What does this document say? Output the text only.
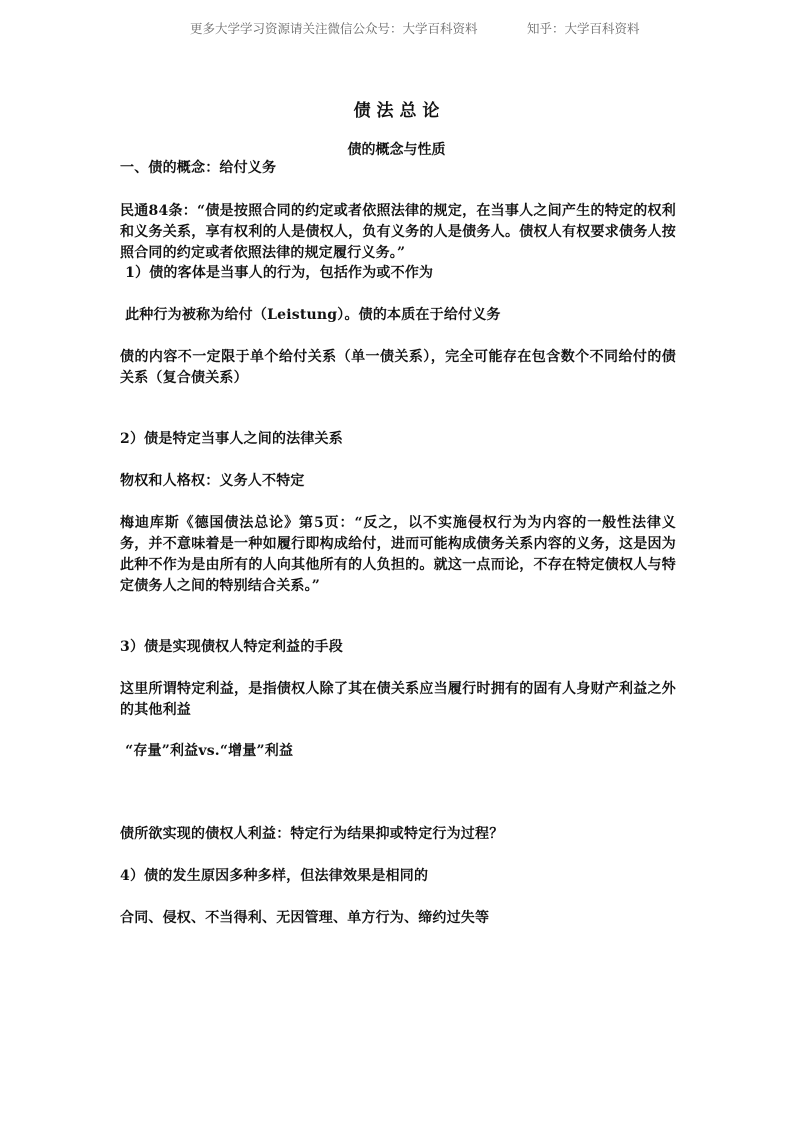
更多大学学习资源请关注微信公众号：大学百科资料	知乎：大学百科资料
债 法 总 论
债的概念与性质
一、债的概念：给付义务
民通84条：“债是按照合同的约定或者依照法律的规定，在当事人之间产生的特定的权利和义务关系，享有权利的人是债权人，负有义务的人是债务人。债权人有权要求债务人按照合同的约定或者依照法律的规定履行义务。”
1）债的客体是当事人的行为，包括作为或不作为
此种行为被称为给付（Leistung）。债的本质在于给付义务
债的内容不一定限于单个给付关系（单一债关系），完全可能存在包含数个不同给付的债关系（复合债关系）
2）债是特定当事人之间的法律关系
物权和人格权：义务人不特定
梅迪库斯《德国债法总论》第5页：“反之，以不实施侵权行为为内容的一般性法律义务，并不意味着是一种如履行即构成给付，进而可能构成债务关系内容的义务，这是因为此种不作为是由所有的人向其他所有的人负担的。就这一点而论，不存在特定债权人与特定债务人之间的特别结合关系。”
3）债是实现债权人特定利益的手段
这里所谓特定利益，是指债权人除了其在债关系应当履行时拥有的固有人身财产利益之外的其他利益
“存量”利益vs.“增量”利益
债所欲实现的债权人利益：特定行为结果抑或特定行为过程？
4）债的发生原因多种多样，但法律效果是相同的
合同、侵权、不当得利、无因管理、单方行为、缔约过失等
